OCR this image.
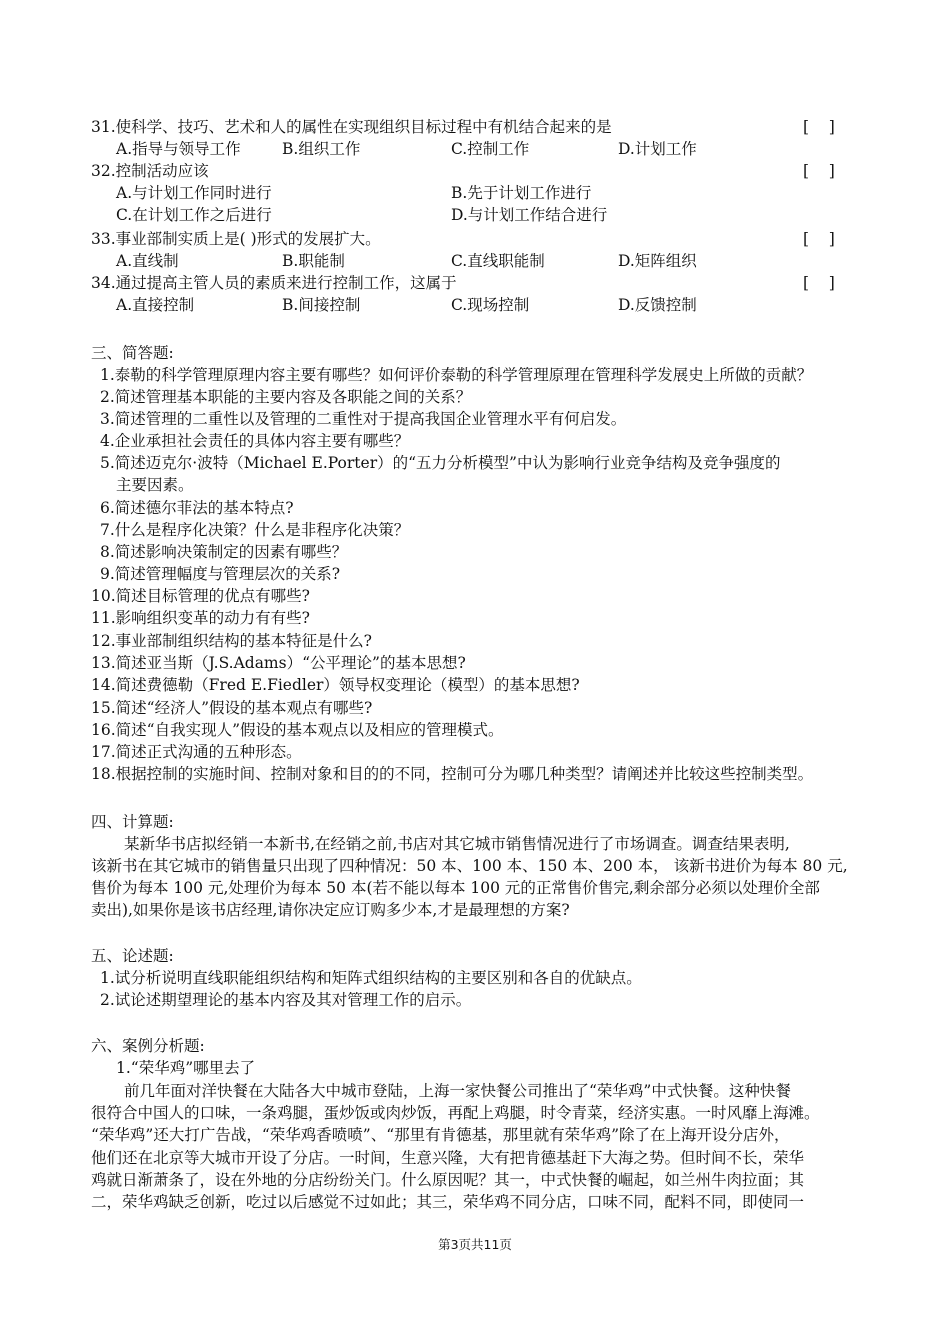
31.使科学、技巧、艺术和人的属性在实现组织目标过程中有机结合起来的是	[    ]
A.指导与领导工作	B.组织工作	C.控制工作	D.计划工作
32.控制活动应该	[    ]
A.与计划工作同时进行	B.先于计划工作进行
C.在计划工作之后进行	D.与计划工作结合进行
33.事业部制实质上是( )形式的发展扩大。	[    ]
A.直线制	B.职能制	C.直线职能制	D.矩阵组织
34.通过提高主管人员的素质来进行控制工作，这属于	[    ]
A.直接控制	B.间接控制	C.现场控制	D.反馈控制
三、简答题:
1.泰勒的科学管理原理内容主要有哪些？如何评价泰勒的科学管理原理在管理科学发展史上所做的贡献？
2.简述管理基本职能的主要内容及各职能之间的关系？
3.简述管理的二重性以及管理的二重性对于提高我国企业管理水平有何启发。
4.企业承担社会责任的具体内容主要有哪些？
5.简述迈克尔·波特（Michael E.Porter）的“五力分析模型”中认为影响行业竞争结构及竞争强度的
主要因素。
6.简述德尔菲法的基本特点?
7.什么是程序化决策？什么是非程序化决策？
8.简述影响决策制定的因素有哪些？
9.简述管理幅度与管理层次的关系?
10.简述目标管理的优点有哪些?
11.影响组织变革的动力有有些?
12.事业部制组织结构的基本特征是什么?
13.简述亚当斯（J.S.Adams）“公平理论”的基本思想?
14.简述费德勒（Fred E.Fiedler）领导权变理论（模型）的基本思想?
15.简述“经济人”假设的基本观点有哪些?
16.简述“自我实现人”假设的基本观点以及相应的管理模式。
17.简述正式沟通的五种形态。
18.根据控制的实施时间、控制对象和目的的不同，控制可分为哪几种类型？请阐述并比较这些控制类型。
四、计算题:
某新华书店拟经销一本新书,在经销之前,书店对其它城市销售情况进行了市场调查。调查结果表明,
该新书在其它城市的销售量只出现了四种情况：50 本、100 本、150 本、200 本， 该新书进价为每本 80 元,
售价为每本 100 元,处理价为每本 50 本(若不能以每本 100 元的正常售价售完,剩余部分必须以处理价全部
卖出),如果你是该书店经理,请你决定应订购多少本,才是最理想的方案?
五、论述题:
1.试分析说明直线职能组织结构和矩阵式组织结构的主要区别和各自的优缺点。
2.试论述期望理论的基本内容及其对管理工作的启示。
六、案例分析题:
1.“荣华鸡”哪里去了
前几年面对洋快餐在大陆各大中城市登陆，上海一家快餐公司推出了“荣华鸡”中式快餐。这种快餐
很符合中国人的口味，一条鸡腿，蛋炒饭或肉炒饭，再配上鸡腿，时令青菜，经济实惠。一时风靡上海滩。
“荣华鸡”还大打广告战，“荣华鸡香喷喷”、“那里有肯德基，那里就有荣华鸡”除了在上海开设分店外，
他们还在北京等大城市开设了分店。一时间，生意兴隆，大有把肯德基赶下大海之势。但时间不长，荣华
鸡就日渐萧条了，设在外地的分店纷纷关门。什么原因呢？其一，中式快餐的崛起，如兰州牛肉拉面；其
二，荣华鸡缺乏创新，吃过以后感觉不过如此；其三，荣华鸡不同分店，口味不同，配料不同，即使同一
第3页共11页
